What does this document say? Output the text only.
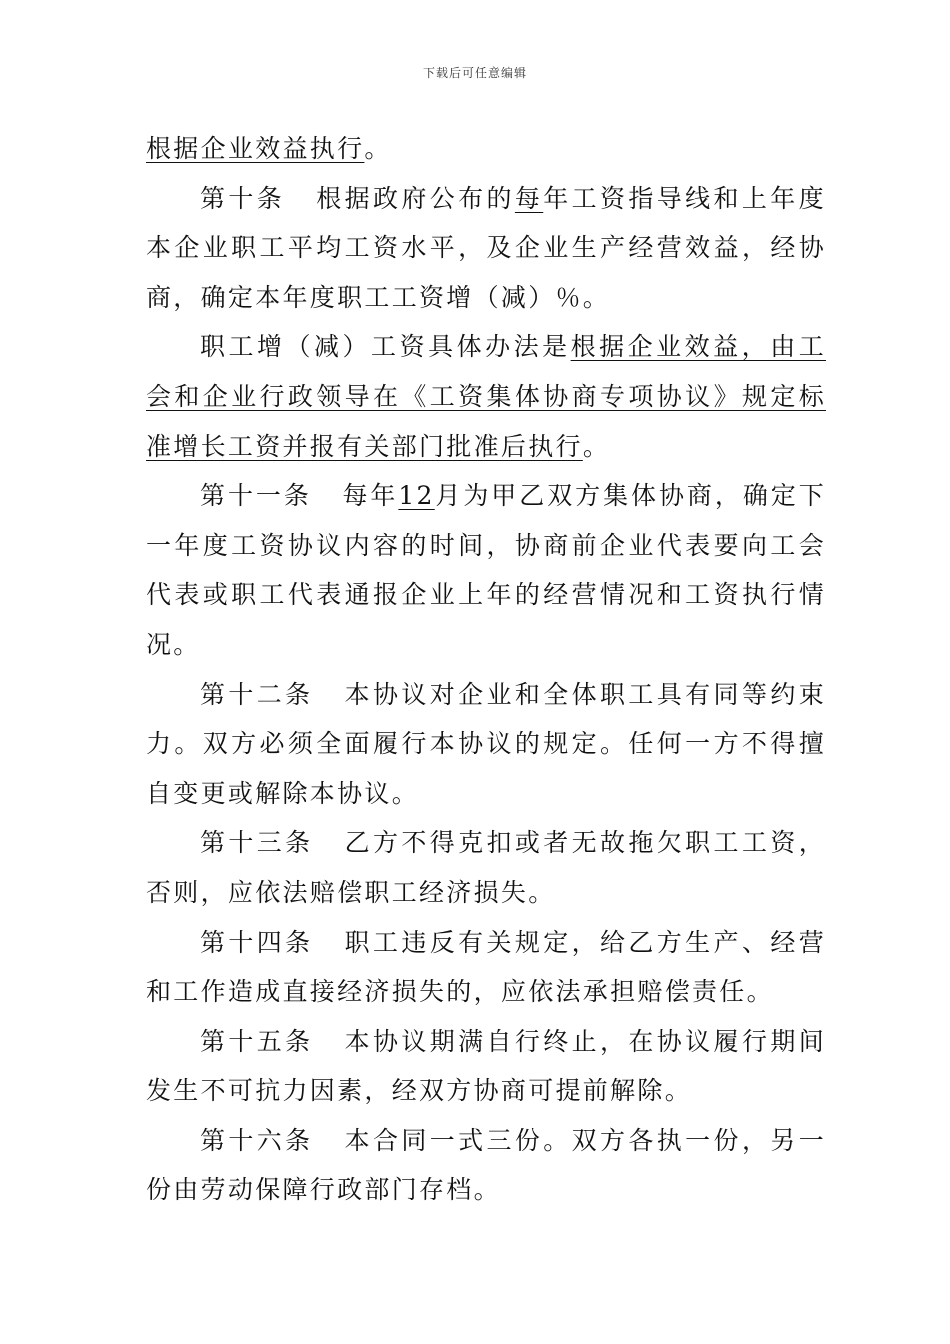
下载后可任意编辑

根据企业效益执行。

第十条 根据政府公布的每年工资指导线和上年度本企业职工平均工资水平，及企业生产经营效益，经协商，确定本年度职工工资增（减）％。

职工增（减）工资具体办法是根据企业效益，由工会和企业行政领导在《工资集体协商专项协议》规定标准增长工资并报有关部门批准后执行。

第十一条 每年12月为甲乙双方集体协商，确定下一年度工资协议内容的时间，协商前企业代表要向工会代表或职工代表通报企业上年的经营情况和工资执行情况。

第十二条 本协议对企业和全体职工具有同等约束力。双方必须全面履行本协议的规定。任何一方不得擅自变更或解除本协议。

第十三条 乙方不得克扣或者无故拖欠职工工资，否则，应依法赔偿职工经济损失。

第十四条 职工违反有关规定，给乙方生产、经营和工作造成直接经济损失的，应依法承担赔偿责任。

第十五条 本协议期满自行终止，在协议履行期间发生不可抗力因素，经双方协商可提前解除。

第十六条 本合同一式三份。双方各执一份，另一份由劳动保障行政部门存档。
